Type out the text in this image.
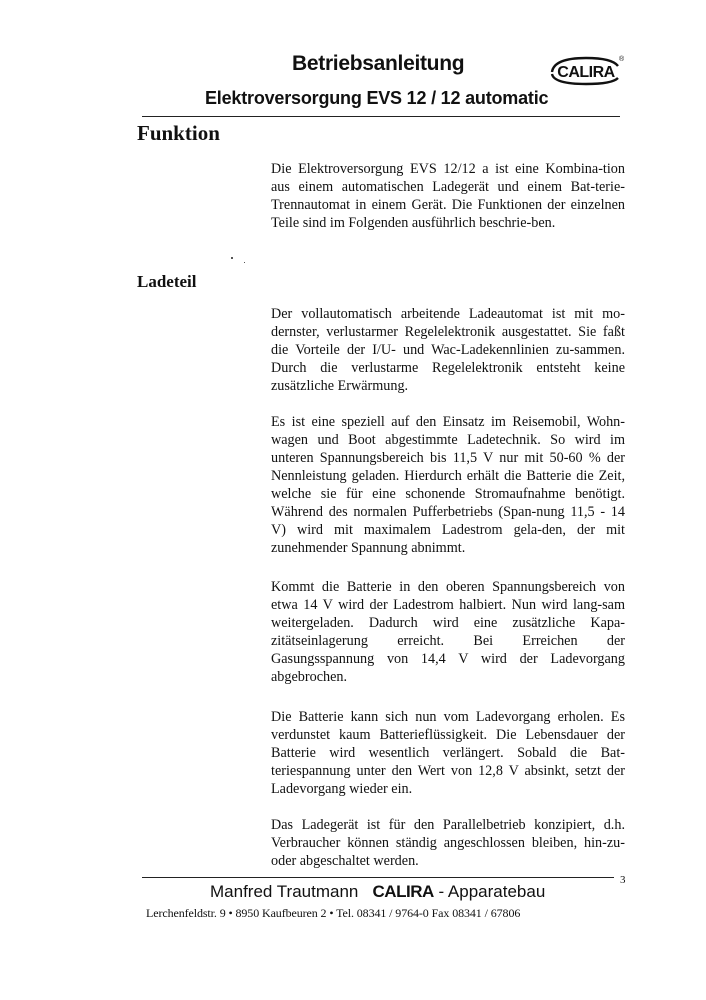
Betriebsanleitung	CALIRA
®
Elektroversorgung EVS 12 / 12 automatic
Funktion
Die Elektroversorgung EVS 12/12 a ist eine Kombina-tion aus einem automatischen Ladegerät und einem Bat-terie-Trennautomat in einem Gerät. Die Funktionen der einzelnen Teile sind im Folgenden ausführlich beschrie-ben.
Ladeteil
Der vollautomatisch arbeitende Ladeautomat ist mit mo-dernster, verlustarmer Regelelektronik ausgestattet. Sie faßt die Vorteile der I/U- und Wac-Ladekennlinien zu-sammen. Durch die verlustarme Regelelektronik entsteht keine zusätzliche Erwärmung.
Es ist eine speziell auf den Einsatz im Reisemobil, Wohn-wagen und Boot abgestimmte Ladetechnik. So wird im unteren Spannungsbereich bis 11,5 V nur mit 50-60 % der Nennleistung geladen. Hierdurch erhält die Batterie die Zeit, welche sie für eine schonende Stromaufnahme benötigt. Während des normalen Pufferbetriebs (Span-nung 11,5 - 14 V) wird mit maximalem Ladestrom gela-den, der mit zunehmender Spannung abnimmt.
Kommt die Batterie in den oberen Spannungsbereich von etwa 14 V wird der Ladestrom halbiert. Nun wird lang-sam weitergeladen. Dadurch wird eine zusätzliche Kapa-zitätseinlagerung erreicht. Bei Erreichen der Gasungsspannung von 14,4 V wird der Ladevorgang abgebrochen.
Die Batterie kann sich nun vom Ladevorgang erholen. Es verdunstet kaum Batterieflüssigkeit. Die Lebensdauer der Batterie wird wesentlich verlängert. Sobald die Bat-teriespannung unter den Wert von 12,8 V absinkt, setzt der Ladevorgang wieder ein.
Das Ladegerät ist für den Parallelbetrieb konzipiert, d.h. Verbraucher können ständig angeschlossen bleiben, hin-zu- oder abgeschaltet werden.
3
Manfred Trautmann CALIRA - Apparatebau
Lerchenfeldstr. 9 • 8950 Kaufbeuren 2 • Tel. 08341 / 9764-0 Fax 08341 / 67806
